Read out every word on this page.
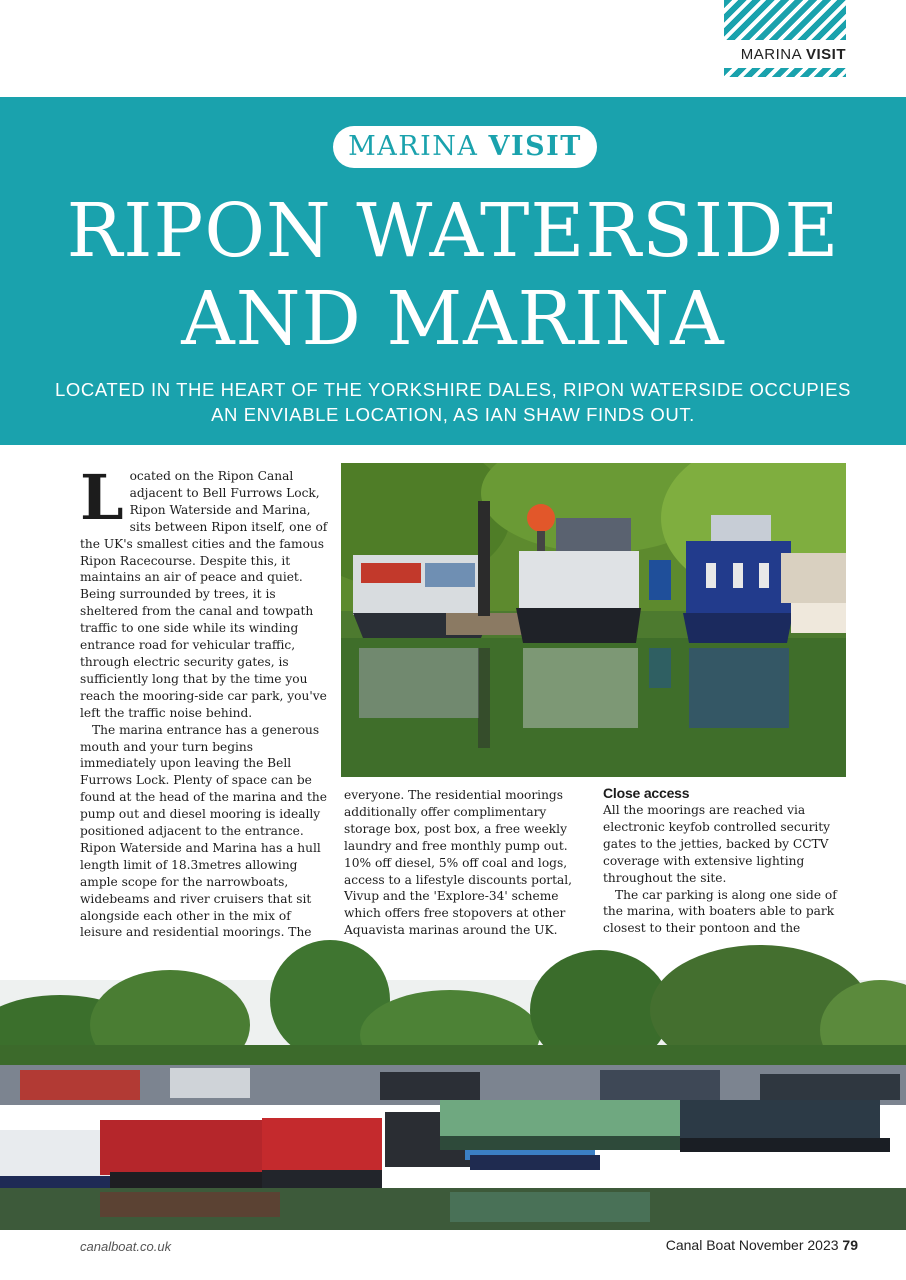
MARINA VISIT
MARINA VISIT
RIPON WATERSIDE
AND MARINA
LOCATED IN THE HEART OF THE YORKSHIRE DALES, RIPON WATERSIDE OCCUPIES AN ENVIABLE LOCATION, AS IAN SHAW FINDS OUT.

Located on the Ripon Canal adjacent to Bell Furrows Lock, Ripon Waterside and Marina, sits between Ripon itself, one of the UK's smallest cities and the famous Ripon Racecourse. Despite this, it maintains an air of peace and quiet. Being surrounded by trees, it is sheltered from the canal and towpath traffic to one side while its winding entrance road for vehicular traffic, through electric security gates, is sufficiently long that by the time you reach the mooring-side car park, you've left the traffic noise behind.

The marina entrance has a generous mouth and your turn begins immediately upon leaving the Bell Furrows Lock. Plenty of space can be found at the head of the marina and the pump out and diesel mooring is ideally positioned adjacent to the entrance. Ripon Waterside and Marina has a hull length limit of 18.3metres allowing ample scope for the narrowboats, widebeams and river cruisers that sit alongside each other in the mix of leisure and residential moorings. The

everyone. The residential moorings additionally offer complimentary storage box, post box, a free weekly laundry and free monthly pump out. 10% off diesel, 5% off coal and logs, access to a lifestyle discounts portal, Vivup and the 'Explore-34' scheme which offers free stopovers at other Aquavista marinas around the UK.

Close access

All the moorings are reached via electronic keyfob controlled security gates to the jetties, backed by CCTV coverage with extensive lighting throughout the site.

The car parking is along one side of the marina, with boaters able to park closest to their pontoon and the

canalboat.co.uk	Canal Boat November 2023 79
